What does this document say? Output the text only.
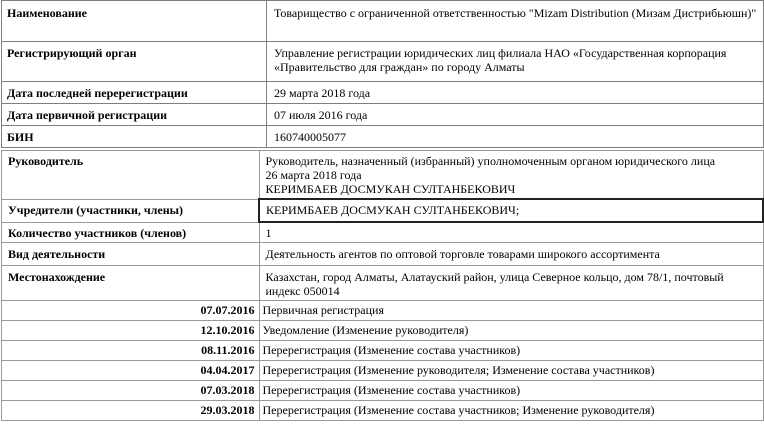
Наименование	Товарищество с ограниченной ответственностью "Mizam Distribution (Мизам Дистрибьюшн)"
Регистрирующий орган	Управление регистрации юридических лиц филиала НАО «Государственная корпорация «Правительство для граждан» по городу Алматы
Дата последней перерегистрации	29 марта 2018 года
Дата первичной регистрации	07 июля 2016 года
БИН	160740005077
Руководитель	Руководитель, назначенный (избранный) уполномоченным органом юридического лица
26 марта 2018 года
КЕРИМБАЕВ ДОСМУКАН СУЛТАНБЕКОВИЧ

Учредители (участники, члены)	КЕРИМБАЕВ ДОСМУКАН СУЛТАНБЕКОВИЧ;
Количество участников (членов)	1
Вид деятельности	Деятельность агентов по оптовой торговле товарами широкого ассортимента
Местонахождение	Казахстан, город Алматы, Алатауский район, улица Северное кольцо, дом 78/1, почтовый индекс 050014
07.07.2016	Первичная регистрация
12.10.2016	Уведомление (Изменение руководителя)
08.11.2016	Перерегистрация (Изменение состава участников)
04.04.2017	Перерегистрация (Изменение руководителя; Изменение состава участников)
07.03.2018	Перерегистрация (Изменение состава участников)
29.03.2018	Перерегистрация (Изменение состава участников; Изменение руководителя)
